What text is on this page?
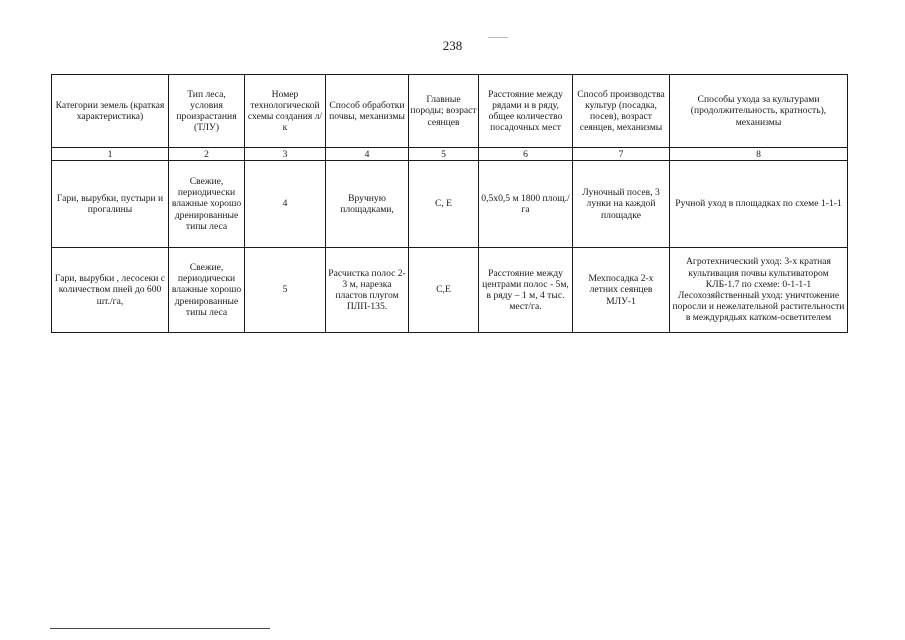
238
Категории земель (краткая характеристика)	Тип леса, условия произрастания (ТЛУ)	Номер технологической схемы создания л/к	Способ обработки почвы, механизмы	Главные породы; возраст сеянцев	Расстояние между рядами и в ряду, общее количество посадочных мест	Способ производства культур (посадка, посев), возраст сеянцев, механизмы	Способы ухода за культурами (продолжительность, кратность), механизмы
1	2	3	4	5	6	7	8
Гари, вырубки, пустыри и прогалины	Свежие, периодически влажные хорошо дренированные типы леса	4	Вручную площадками,	С, Е	0,5х0,5 м 1800 площ./га	Луночный посев, 3 лунки на каждой площадке	Ручной уход в площадках по схеме 1-1-1
Гари, вырубки , лесосеки с количеством пней до 600 шт./га,	Свежие, периодически влажные хорошо дренированные типы леса	5	Расчистка полос 2-3 м, нарезка пластов плугом ПЛП-135.	С,Е	Расстояние между центрами полос - 5м, в ряду – 1 м, 4 тыс. мест/га.	Мехпосадка 2-х летних сеянцев МЛУ-1	Агротехнический уход: 3-х кратная культивация почвы культиватором КЛБ-1.7 по схеме: 0-1-1-1 Лесохозяйственный уход: уничтожение поросли и нежелательной растительности в междурядьях катком-осветителем
